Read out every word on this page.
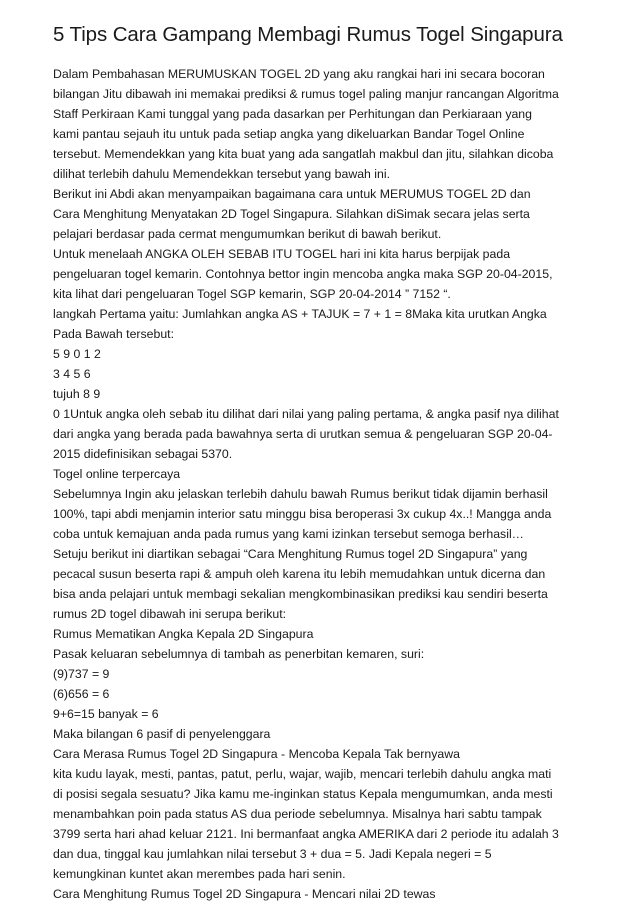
5 Tips Cara Gampang Membagi Rumus Togel Singapura
Dalam Pembahasan MERUMUSKAN TOGEL 2D yang aku rangkai hari ini secara bocoran
bilangan Jitu dibawah ini memakai prediksi & rumus togel paling manjur rancangan Algoritma
Staff Perkiraan Kami tunggal yang pada dasarkan per Perhitungan dan Perkiaraan yang
kami pantau sejauh itu untuk pada setiap angka yang dikeluarkan Bandar Togel Online
tersebut. Memendekkan yang kita buat yang ada sangatlah makbul dan jitu, silahkan dicoba
dilihat terlebih dahulu Memendekkan tersebut yang bawah ini.
Berikut ini Abdi akan menyampaikan bagaimana cara untuk MERUMUS TOGEL 2D dan
Cara Menghitung Menyatakan 2D Togel Singapura. Silahkan diSimak secara jelas serta
pelajari berdasar pada cermat mengumumkan berikut di bawah berikut.
Untuk menelaah ANGKA OLEH SEBAB ITU TOGEL hari ini kita harus berpijak pada
pengeluaran togel kemarin. Contohnya bettor ingin mencoba angka maka SGP 20-04-2015,
kita lihat dari pengeluaran Togel SGP kemarin, SGP 20-04-2014 ” 7152 “.
langkah Pertama yaitu: Jumlahkan angka AS + TAJUK = 7 + 1 = 8Maka kita urutkan Angka
Pada Bawah tersebut:
5 9 0 1 2
3 4 5 6
tujuh 8 9
0 1Untuk angka oleh sebab itu dilihat dari nilai yang paling pertama, & angka pasif nya dilihat
dari angka yang berada pada bawahnya serta di urutkan semua & pengeluaran SGP 20-04-
2015 didefinisikan sebagai 5370.
Togel online terpercaya
Sebelumnya Ingin aku jelaskan terlebih dahulu bawah Rumus berikut tidak dijamin berhasil
100%, tapi abdi menjamin interior satu minggu bisa beroperasi 3x cukup 4x..! Mangga anda
coba untuk kemajuan anda pada rumus yang kami izinkan tersebut semoga berhasil…
Setuju berikut ini diartikan sebagai “Cara Menghitung Rumus togel 2D Singapura” yang
pecacal susun beserta rapi & ampuh oleh karena itu lebih memudahkan untuk dicerna dan
bisa anda pelajari untuk membagi sekalian mengkombinasikan prediksi kau sendiri beserta
rumus 2D togel dibawah ini serupa berikut:
Rumus Mematikan Angka Kepala 2D Singapura
Pasak keluaran sebelumnya di tambah as penerbitan kemaren, suri:
(9)737 = 9
(6)656 = 6
9+6=15 banyak = 6
Maka bilangan 6 pasif di penyelenggara
Cara Merasa Rumus Togel 2D Singapura - Mencoba Kepala Tak bernyawa
kita kudu layak, mesti, pantas, patut, perlu, wajar, wajib, mencari terlebih dahulu angka mati
di posisi segala sesuatu? Jika kamu me-inginkan status Kepala mengumumkan, anda mesti
menambahkan poin pada status AS dua periode sebelumnya. Misalnya hari sabtu tampak
3799 serta hari ahad keluar 2121. Ini bermanfaat angka AMERIKA dari 2 periode itu adalah 3
dan dua, tinggal kau jumlahkan nilai tersebut 3 + dua = 5. Jadi Kepala negeri = 5
kemungkinan kuntet akan merembes pada hari senin.
Cara Menghitung Rumus Togel 2D Singapura - Mencari nilai 2D tewas
